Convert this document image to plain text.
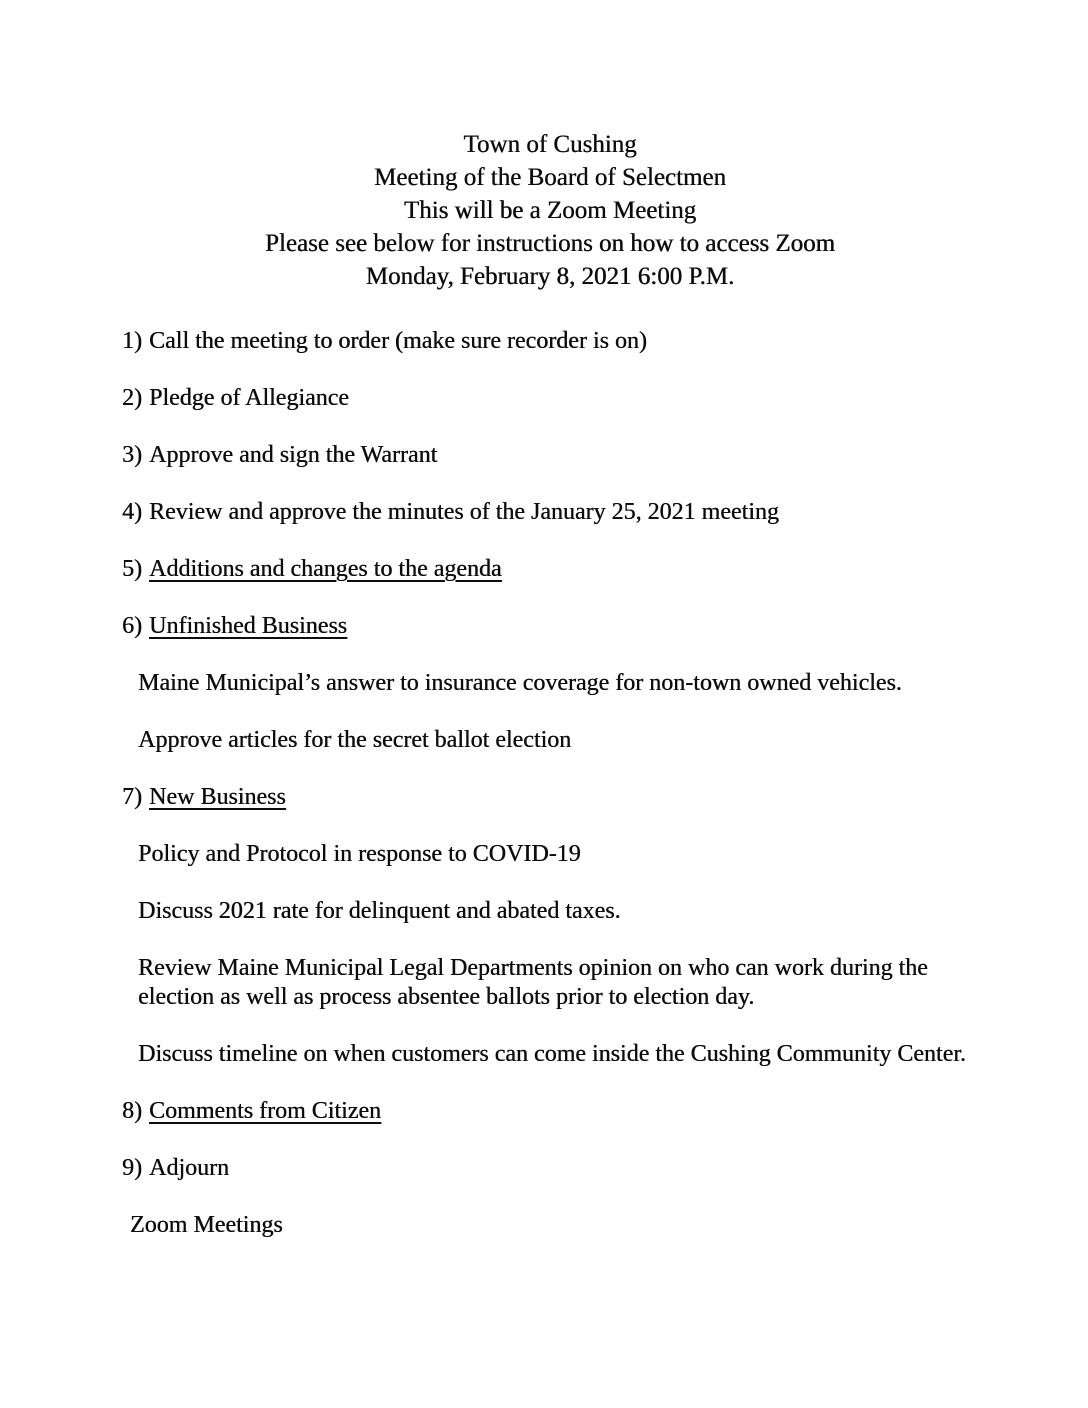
Town of Cushing
Meeting of the Board of Selectmen
This will be a Zoom Meeting
Please see below for instructions on how to access Zoom
Monday, February 8, 2021 6:00 P.M.

1) Call the meeting to order (make sure recorder is on)

2) Pledge of Allegiance

3) Approve and sign the Warrant

4) Review and approve the minutes of the January 25, 2021 meeting

5) Additions and changes to the agenda

6) Unfinished Business

Maine Municipal’s answer to insurance coverage for non-town owned vehicles.

Approve articles for the secret ballot election

7) New Business

Policy and Protocol in response to COVID-19

Discuss 2021 rate for delinquent and abated taxes.

Review Maine Municipal Legal Departments opinion on who can work during the election as well as process absentee ballots prior to election day.

Discuss timeline on when customers can come inside the Cushing Community Center.

8) Comments from Citizen

9) Adjourn

Zoom Meetings
